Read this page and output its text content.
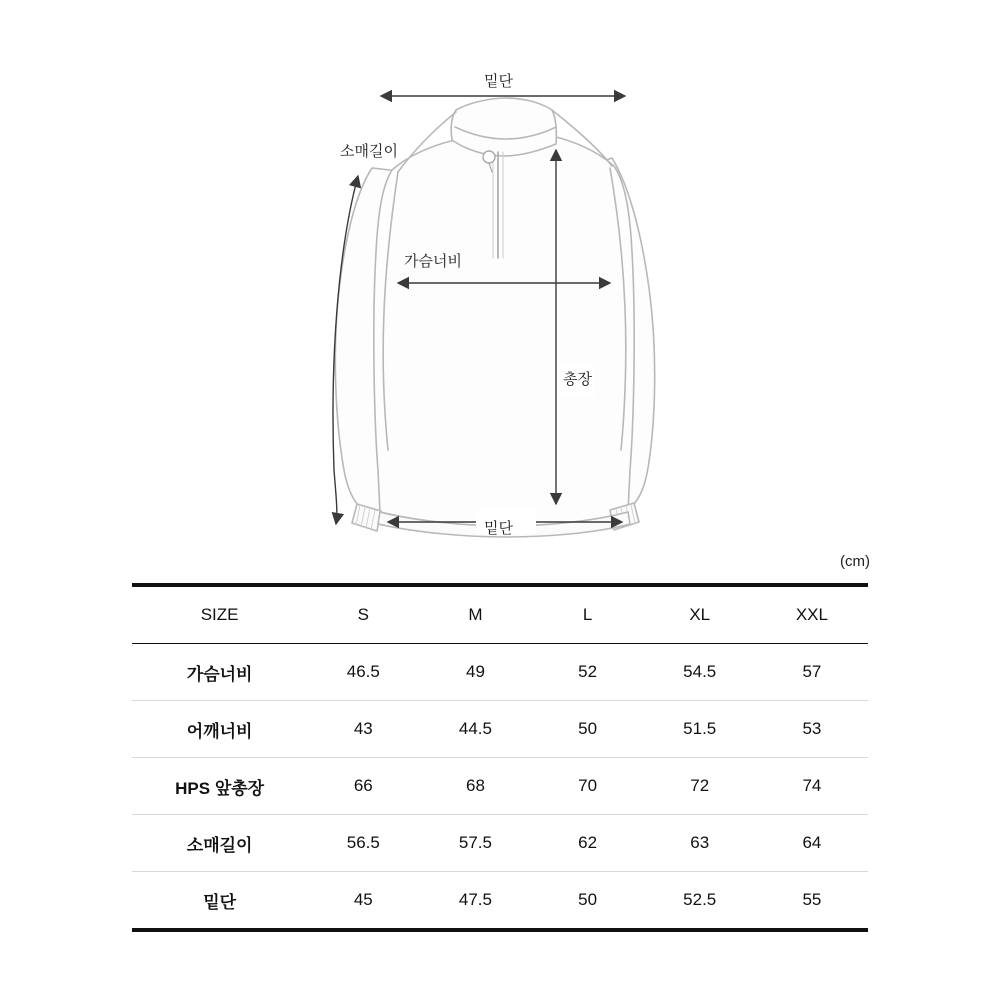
밑단
소매길이
가슴너비
총장
밑단
(cm)
SIZE	S	M	L	XL	XXL
가슴너비	46.5	49	52	54.5	57
어깨너비	43	44.5	50	51.5	53
HPS 앞총장	66	68	70	72	74
소매길이	56.5	57.5	62	63	64
밑단	45	47.5	50	52.5	55
